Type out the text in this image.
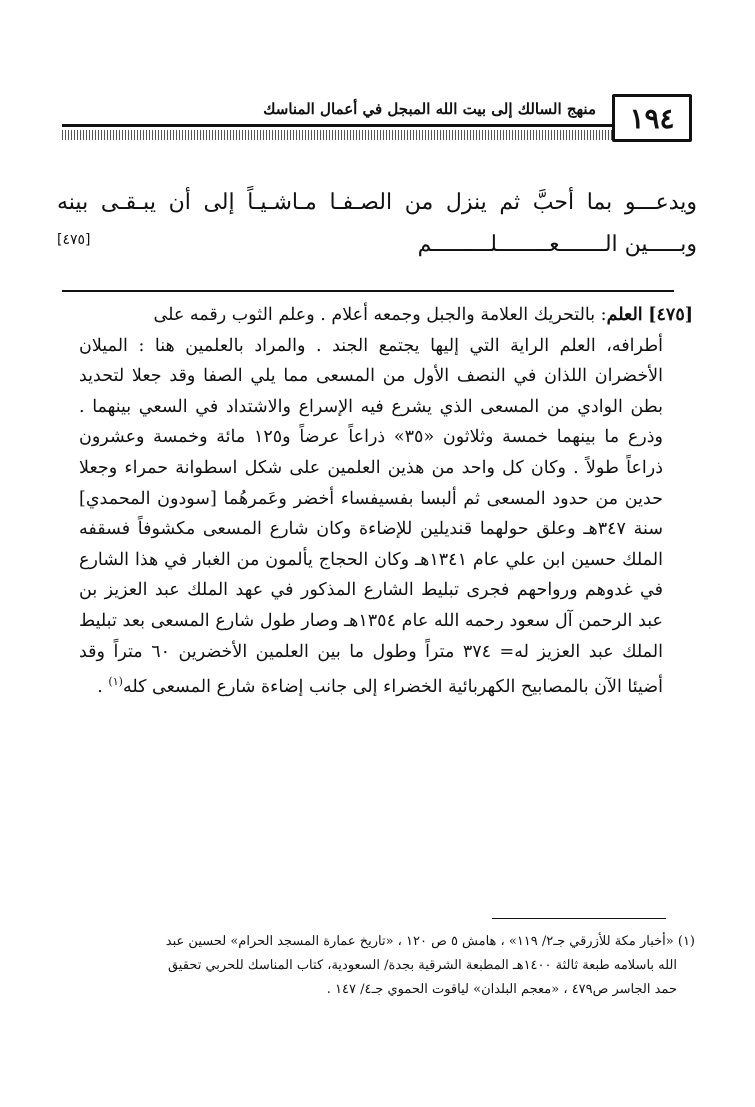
١٩٤
منهج السالك إلى بيت الله المبجل في أعمال المناسك
ويدعـــو بما أحبَّ ثم ينزل من الصـفـا مـاشـيـاً إلى أن يبـقـى بينه
وبـــــين الـــــــعــــــــلـــــــــم
[٤٧٥]

[٤٧٥] العلم: بالتحريك العلامة والجبل وجمعه أعلام . وعلم الثوب رقمه على

أطرافه، العلم الراية التي إليها يجتمع الجند . والمراد بالعلمين هنا : الميلان الأخضران اللذان في النصف الأول من المسعى مما يلي الصفا وقد جعلا لتحديد بطن الوادي من المسعى الذي يشرع فيه الإسراع والاشتداد في السعي بينهما . وذرع ما بينهما خمسة وثلاثون «٣٥» ذراعاً عرضاً و١٢٥ مائة وخمسة وعشرون ذراعاً طولاً . وكان كل واحد من هذين العلمين على شكل اسطوانة حمراء وجعلا حدين من حدود المسعى ثم ألبسا بفسيفساء أخضر وعَمرهُما [سودون المحمدي] سنة ٣٤٧هـ وعلق حولهما قنديلين للإضاءة وكان شارع المسعى مكشوفاً فسقفه الملك حسين ابن علي عام ١٣٤١هـ وكان الحجاج يألمون من الغبار في هذا الشارع في غدوهم ورواحهم فجرى تبليط الشارع المذكور في عهد الملك عبد العزيز بن عبد الرحمن آل سعود رحمه الله عام ١٣٥٤هـ وصار طول شارع المسعى بعد تبليط الملك عبد العزيز له= ٣٧٤ متراً وطول ما بين العلمين الأخضرين ٦٠ متراً وقد أضيئا الآن بالمصابيح الكهربائية الخضراء إلى جانب إضاءة شارع المسعى كله$^{(١)}$ .

(١) «أخبار مكة للأزرقي جـ٢/ ١١٩» ، هامش ٥ ص ١٢٠ ، «تاريخ عمارة المسجد الحرام» لحسين عبد
الله باسلامه طبعة ثالثة ١٤٠٠هـ المطبعة الشرقية بجدة/ السعودية، كتاب المناسك للحربي تحقيق
حمد الجاسر ص٤٧٩ ، «معجم البلدان» لياقوت الحموي جـ٤/ ١٤٧ .
